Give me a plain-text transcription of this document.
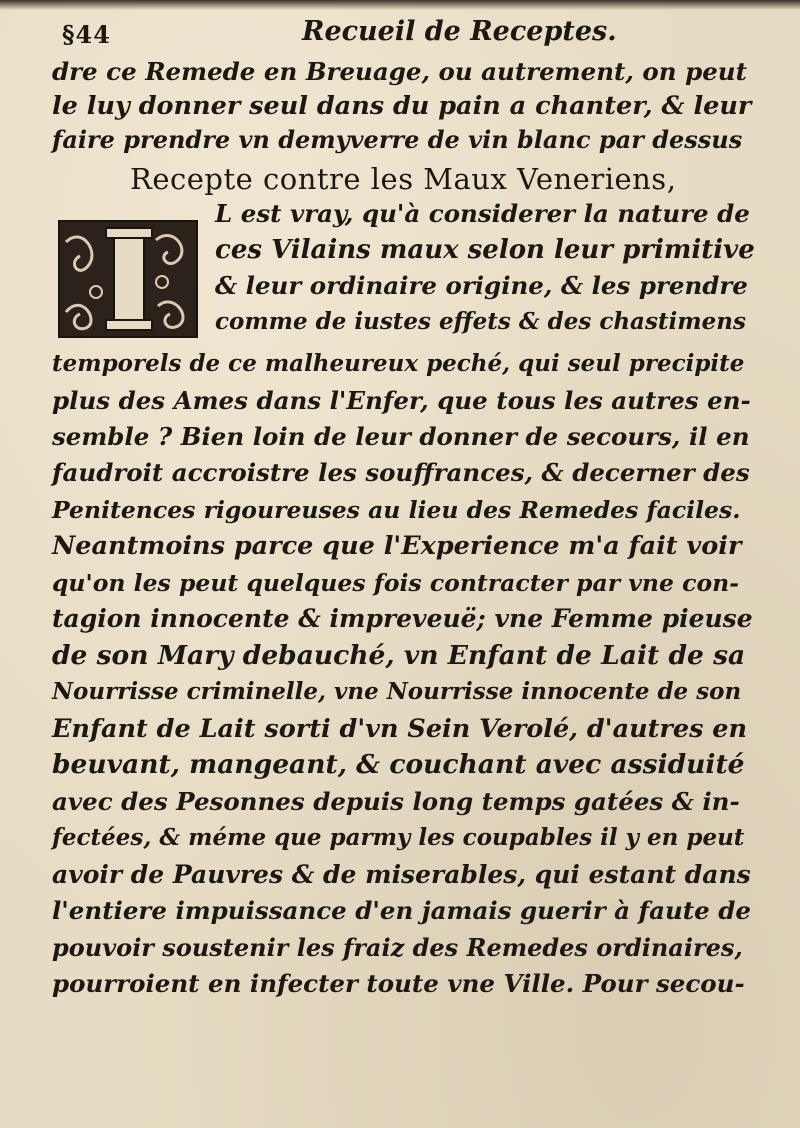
§44	Recueil de Receptes.
dre ce Remede en Breuage, ou autrement, on peut
le luy donner seul dans du pain a chanter, & leur
faire prendre vn demyverre de vin blanc par dessus
Recepte contre les Maux Veneriens,
L est vray, qu'à considerer la nature de
ces Vilains maux selon leur primitive
& leur ordinaire origine, & les prendre
comme de iustes effets & des chastimens
temporels de ce malheureux peché, qui seul precipite
plus des Ames dans l'Enfer, que tous les autres en-
semble ? Bien loin de leur donner de secours, il en
faudroit accroistre les souffrances, & decerner des
Penitences rigoureuses au lieu des Remedes faciles.
Neantmoins parce que l'Experience m'a fait voir
qu'on les peut quelques fois contracter par vne con-
tagion innocente & impreveuë; vne Femme pieuse
de son Mary debauché, vn Enfant de Lait de sa
Nourrisse criminelle, vne Nourrisse innocente de son
Enfant de Lait sorti d'vn Sein Verolé, d'autres en
beuvant, mangeant, & couchant avec assiduité
avec des Pesonnes depuis long temps gatées & in-
fectées, & méme que parmy les coupables il y en peut
avoir de Pauvres & de miserables, qui estant dans
l'entiere impuissance d'en jamais guerir à faute de
pouvoir soustenir les fraiz des Remedes ordinaires,
pourroient en infecter toute vne Ville. Pour secou-
